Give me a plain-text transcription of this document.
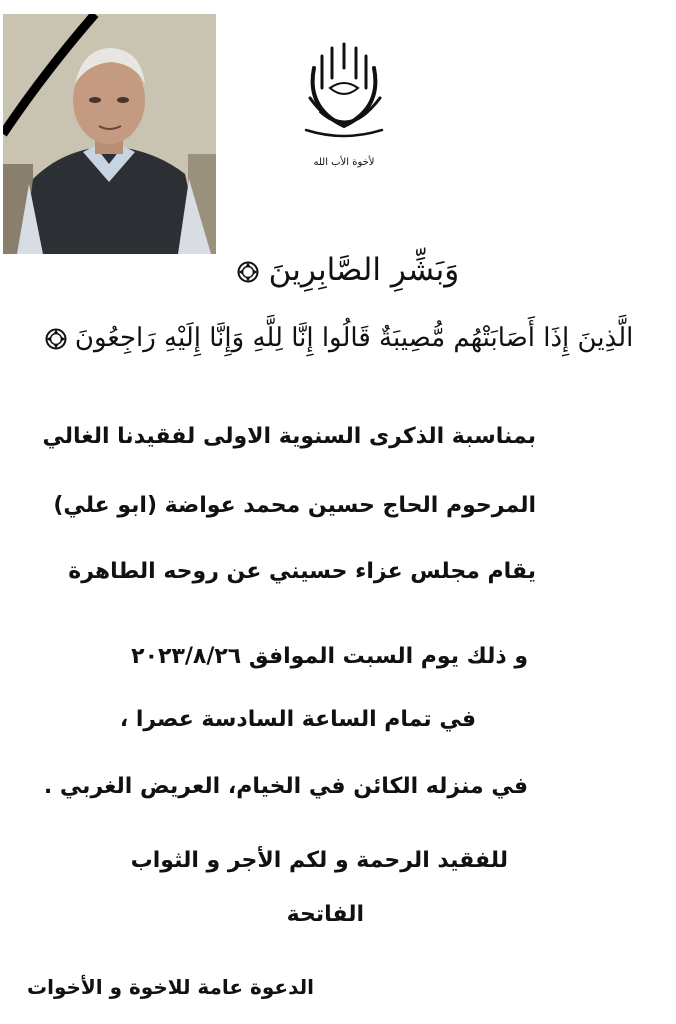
لأخوة الأب الله
وَبَشِّرِ الصَّابِرِينَ
الَّذِينَ إِذَا أَصَابَتْهُم مُّصِيبَةٌ قَالُوا إِنَّا لِلَّهِ وَإِنَّا إِلَيْهِ رَاجِعُونَ
بمناسبة الذكرى السنوية الاولى لفقيدنا الغالي
المرحوم الحاج حسين محمد عواضة (ابو علي)
يقام مجلس عزاء حسيني عن روحه الطاهرة
و ذلك يوم السبت الموافق ٢٠٢٣/٨/٢٦
في تمام الساعة السادسة عصرا ،
في منزله الكائن في الخيام، العريض الغربي .
للفقيد الرحمة و لكم الأجر و الثواب
الفاتحة
الدعوة عامة للاخوة و الأخوات
